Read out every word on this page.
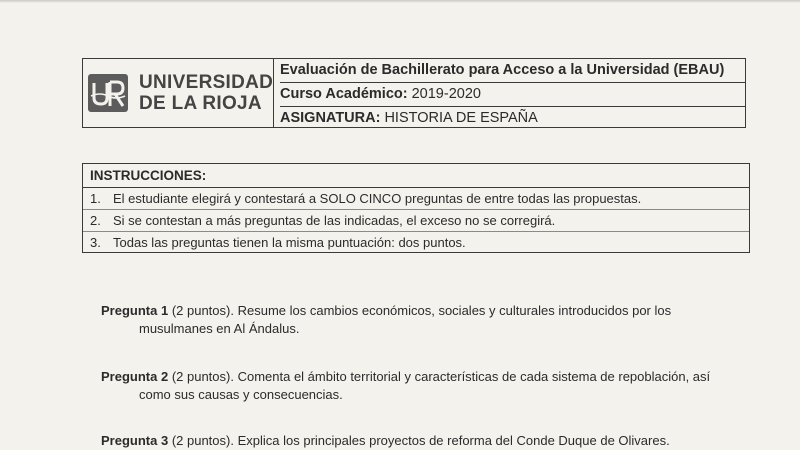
UNIVERSIDAD
DE LA RIOJA
Evaluación de Bachillerato para Acceso a la Universidad (EBAU)
Curso Académico: 2019-2020
ASIGNATURA: HISTORIA DE ESPAÑA
INSTRUCCIONES:
1. El estudiante elegirá y contestará a SOLO CINCO preguntas de entre todas las propuestas.
2. Si se contestan a más preguntas de las indicadas, el exceso no se corregirá.
3. Todas las preguntas tienen la misma puntuación: dos puntos.
Pregunta 1 (2 puntos). Resume los cambios económicos, sociales y culturales introducidos por los
musulmanes en Al Ándalus.
Pregunta 2 (2 puntos). Comenta el ámbito territorial y características de cada sistema de repoblación, así
como sus causas y consecuencias.
Pregunta 3 (2 puntos). Explica los principales proyectos de reforma del Conde Duque de Olivares.
